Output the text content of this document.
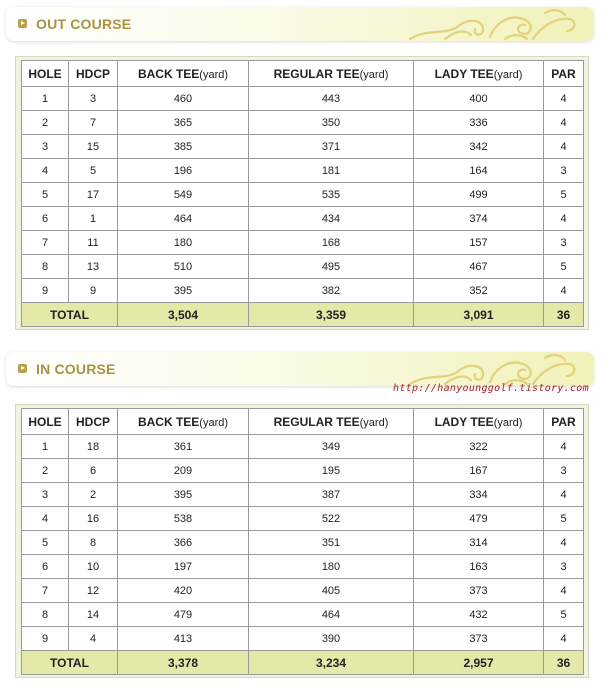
OUT COURSE
HOLE	HDCP	BACK TEE(yard)	REGULAR TEE(yard)	LADY TEE(yard)	PAR
1	3	460	443	400	4
2	7	365	350	336	4
3	15	385	371	342	4
4	5	196	181	164	3
5	17	549	535	499	5
6	1	464	434	374	4
7	11	180	168	157	3
8	13	510	495	467	5
9	9	395	382	352	4
TOTAL		3,504	3,359	3,091	36
IN COURSE
http://hanyounggolf.tistory.com
HOLE	HDCP	BACK TEE(yard)	REGULAR TEE(yard)	LADY TEE(yard)	PAR
1	18	361	349	322	4
2	6	209	195	167	3
3	2	395	387	334	4
4	16	538	522	479	5
5	8	366	351	314	4
6	10	197	180	163	3
7	12	420	405	373	4
8	14	479	464	432	5
9	4	413	390	373	4
TOTAL		3,378	3,234	2,957	36
